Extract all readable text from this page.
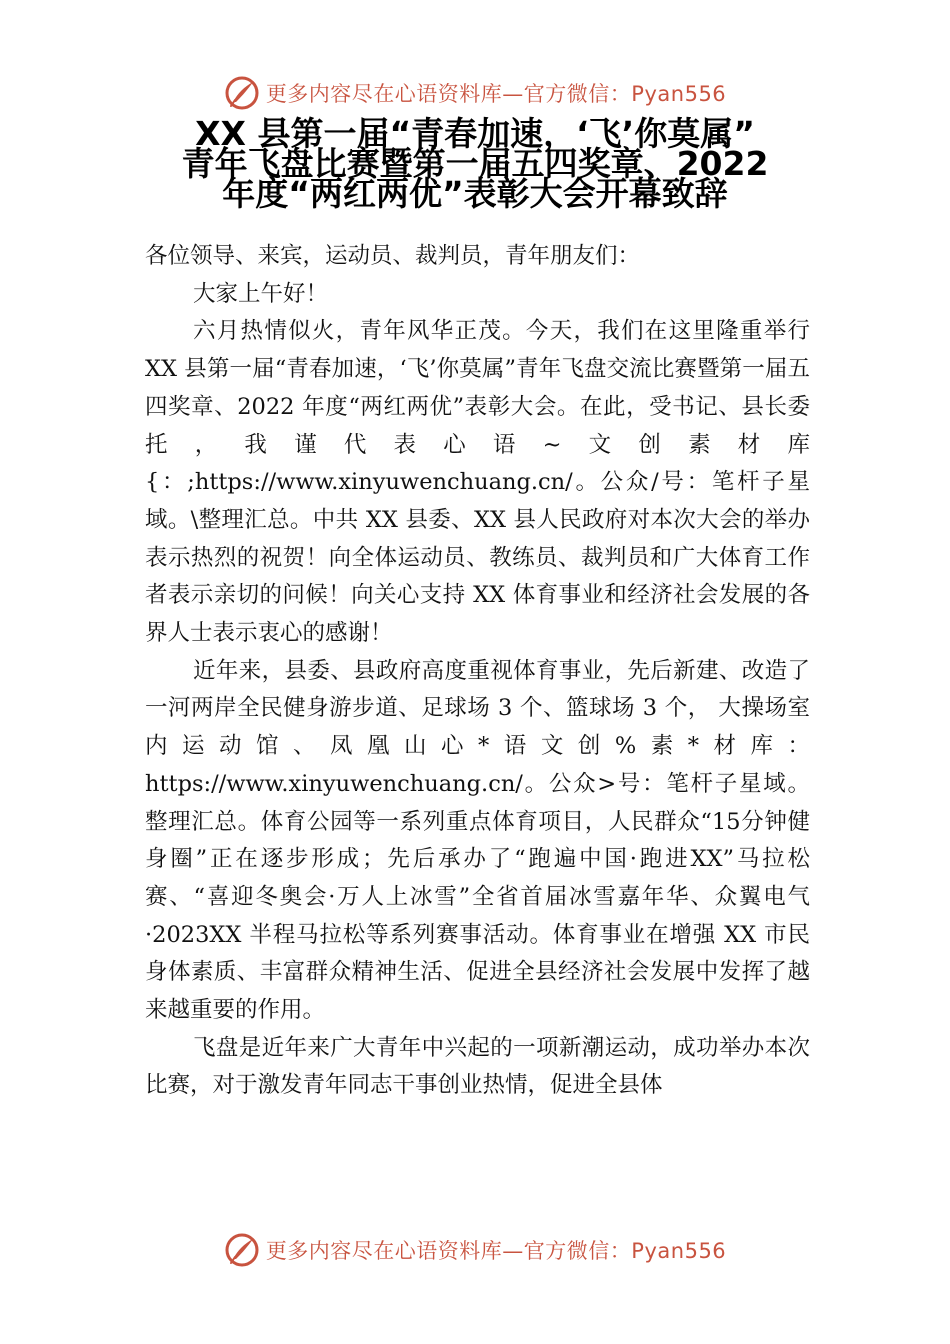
更多内容尽在心语资料库—官方微信：Pyan556
XX 县第一届“青春加速，‘飞’你莫属”
青年飞盘比赛暨第一届五四奖章、2022
年度“两红两优”表彰大会开幕致辞

各位领导、来宾，运动员、裁判员，青年朋友们：

大家上午好！

六月热情似火，青年风华正茂。今天，我们在这里隆重举行 XX 县第一届“青春加速，‘飞’你莫属”青年飞盘交流比赛暨第一届五四奖章、2022 年度“两红两优”表彰大会。在此，受书记、县长委托，我谨代表心语~文创素材库{：;https://www.xinyuwenchuang.cn/。公众/号：笔杆子星域。\整理汇总。中共 XX 县委、XX 县人民政府对本次大会的举办表示热烈的祝贺！向全体运动员、教练员、裁判员和广大体育工作者表示亲切的问候！向关心支持 XX 体育事业和经济社会发展的各界人士表示衷心的感谢！

近年来，县委、县政府高度重视体育事业，先后新建、改造了一河两岸全民健身游步道、足球场 3 个、篮球场 3 个， 大操场室内运动馆、凤凰山心*语文创%素*材库：https://www.xinyuwenchuang.cn/。公众>号：笔杆子星域。整理汇总。体育公园等一系列重点体育项目，人民群众“15分钟健身圈”正在逐步形成；先后承办了“跑遍中国·跑进XX”马拉松赛、“喜迎冬奥会·万人上冰雪”全省首届冰雪嘉年华、众翼电气·2023XX 半程马拉松等系列赛事活动。体育事业在增强 XX 市民身体素质、丰富群众精神生活、促进全县经济社会发展中发挥了越来越重要的作用。

飞盘是近年来广大青年中兴起的一项新潮运动，成功举办本次比赛，对于激发青年同志干事创业热情，促进全县体

更多内容尽在心语资料库—官方微信：Pyan556
